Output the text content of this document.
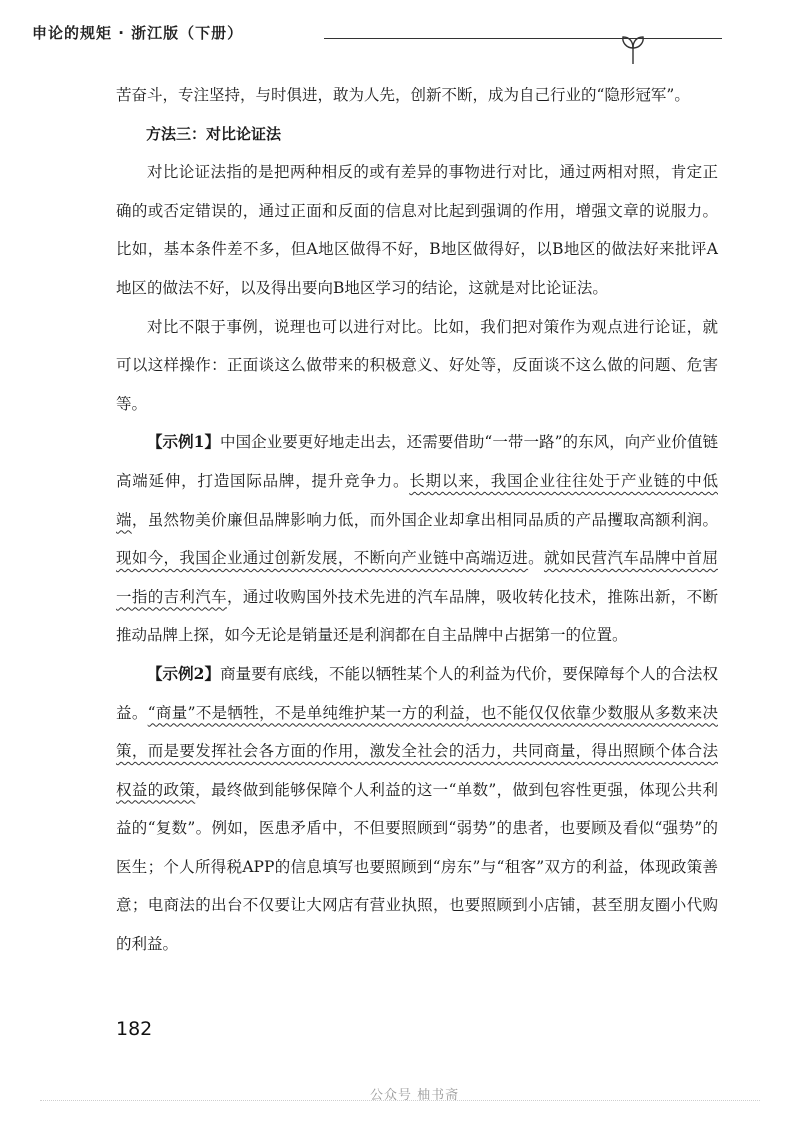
申论的规矩 · 浙江版（下册）

苦奋斗，专注坚持，与时俱进，敢为人先，创新不断，成为自己行业的“隐形冠军”。

方法三：对比论证法

对比论证法指的是把两种相反的或有差异的事物进行对比，通过两相对照，肯定正确的或否定错误的，通过正面和反面的信息对比起到强调的作用，增强文章的说服力。比如，基本条件差不多，但A地区做得不好，B地区做得好，以B地区的做法好来批评A地区的做法不好，以及得出要向B地区学习的结论，这就是对比论证法。

对比不限于事例，说理也可以进行对比。比如，我们把对策作为观点进行论证，就可以这样操作：正面谈这么做带来的积极意义、好处等，反面谈不这么做的问题、危害等。

【示例1】中国企业要更好地走出去，还需要借助“一带一路”的东风，向产业价值链高端延伸，打造国际品牌，提升竞争力。长期以来，我国企业往往处于产业链的中低端，虽然物美价廉但品牌影响力低，而外国企业却拿出相同品质的产品攫取高额利润。现如今，我国企业通过创新发展，不断向产业链中高端迈进。就如民营汽车品牌中首屈一指的吉利汽车，通过收购国外技术先进的汽车品牌，吸收转化技术，推陈出新，不断推动品牌上探，如今无论是销量还是利润都在自主品牌中占据第一的位置。

【示例2】商量要有底线，不能以牺牲某个人的利益为代价，要保障每个人的合法权益。“商量”不是牺牲，不是单纯维护某一方的利益，也不能仅仅依靠少数服从多数来决策，而是要发挥社会各方面的作用，激发全社会的活力，共同商量，得出照顾个体合法权益的政策，最终做到能够保障个人利益的这一“单数”，做到包容性更强，体现公共利益的“复数”。例如，医患矛盾中，不但要照顾到“弱势”的患者，也要顾及看似“强势”的医生；个人所得税APP的信息填写也要照顾到“房东”与“租客”双方的利益，体现政策善意；电商法的出台不仅要让大网店有营业执照，也要照顾到小店铺，甚至朋友圈小代购的利益。

182
公众号 柚书斋
